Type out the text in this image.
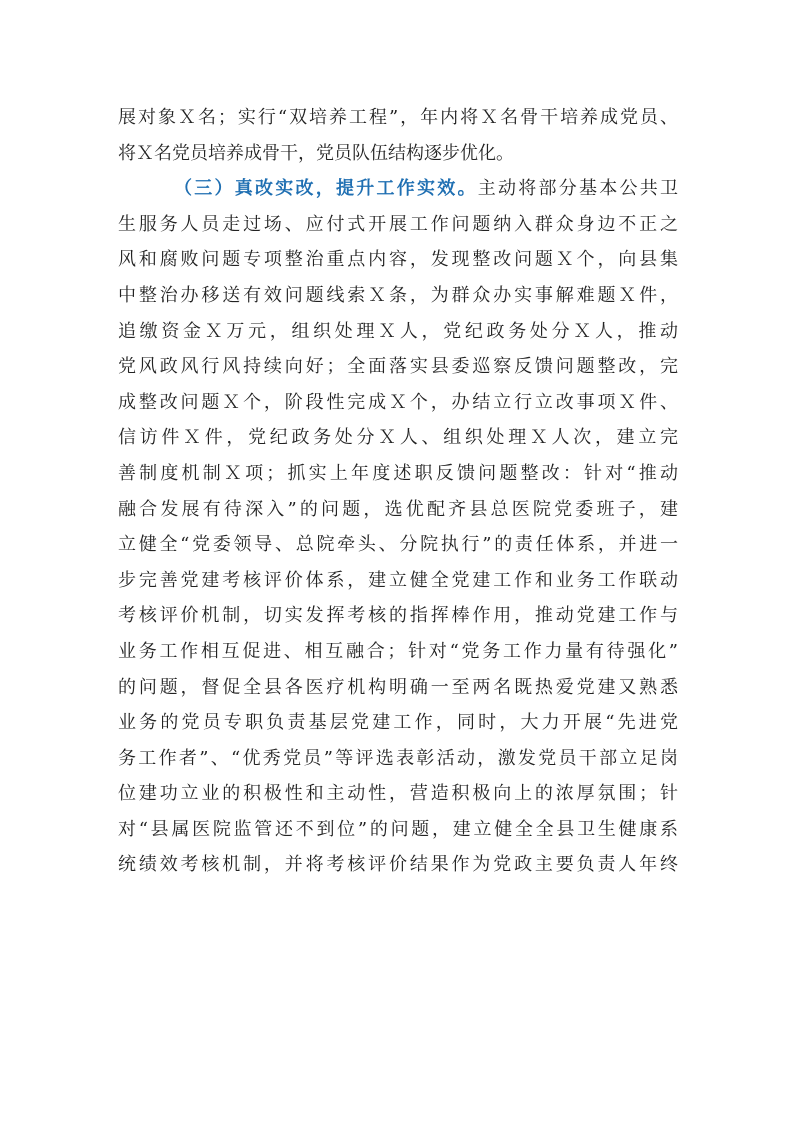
展对象Ｘ名；实行“双培养工程”，年内将Ｘ名骨干培养成党员、
将Ｘ名党员培养成骨干，党员队伍结构逐步优化。
（三）真改实改，提升工作实效。主动将部分基本公共卫
生服务人员走过场、应付式开展工作问题纳入群众身边不正之
风和腐败问题专项整治重点内容，发现整改问题Ｘ个，向县集
中整治办移送有效问题线索Ｘ条，为群众办实事解难题Ｘ件，
追缴资金Ｘ万元，组织处理Ｘ人，党纪政务处分Ｘ人，推动
党风政风行风持续向好；全面落实县委巡察反馈问题整改，完
成整改问题Ｘ个，阶段性完成Ｘ个，办结立行立改事项Ｘ件、
信访件Ｘ件，党纪政务处分Ｘ人、组织处理Ｘ人次，建立完
善制度机制Ｘ项；抓实上年度述职反馈问题整改：针对“推动
融合发展有待深入”的问题，选优配齐县总医院党委班子，建
立健全“党委领导、总院牵头、分院执行”的责任体系，并进一
步完善党建考核评价体系，建立健全党建工作和业务工作联动
考核评价机制，切实发挥考核的指挥棒作用，推动党建工作与
业务工作相互促进、相互融合；针对“党务工作力量有待强化”
的问题，督促全县各医疗机构明确一至两名既热爱党建又熟悉
业务的党员专职负责基层党建工作，同时，大力开展“先进党
务工作者”、“优秀党员”等评选表彰活动，激发党员干部立足岗
位建功立业的积极性和主动性，营造积极向上的浓厚氛围；针
对“县属医院监管还不到位”的问题，建立健全全县卫生健康系
统绩效考核机制，并将考核评价结果作为党政主要负责人年终
